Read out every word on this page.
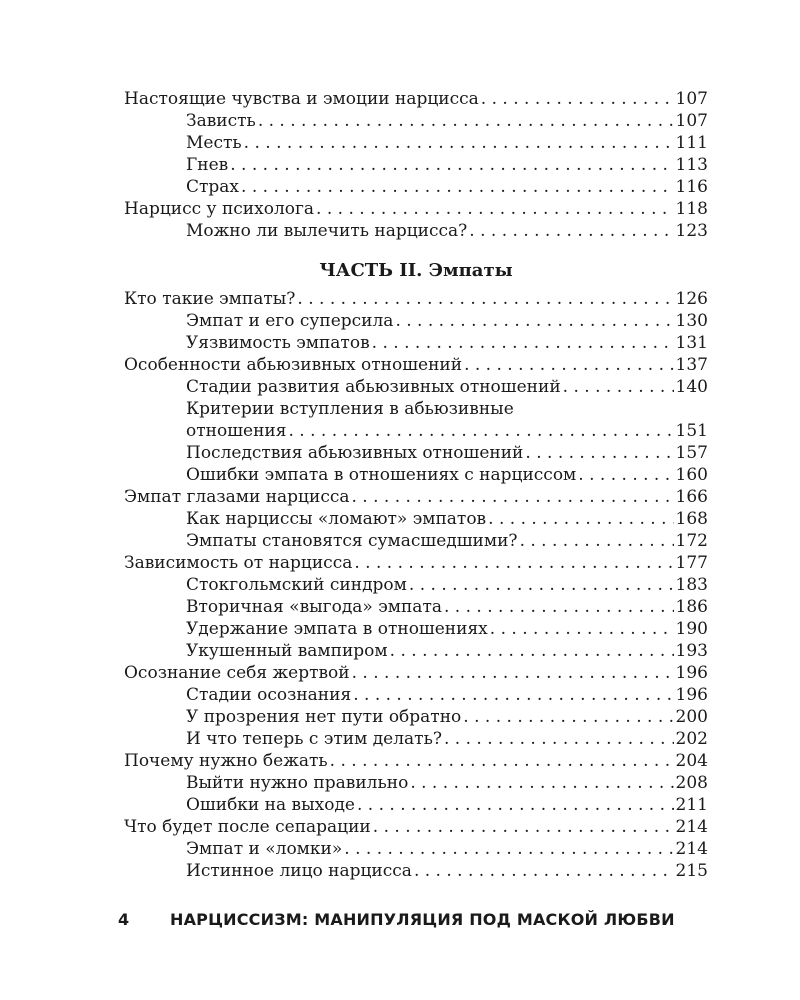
Настоящие чувства и эмоции нарцисса . . .	107
Зависть . . .	107
Месть . . .	111
Гнев . . .	113
Страх . . .	116
Нарцисс у психолога . . .	118
Можно ли вылечить нарцисса? . . .	123
ЧАСТЬ II. Эмпаты
Кто такие эмпаты? . . .	126
Эмпат и его суперсила . . .	130
Уязвимость эмпатов . . .	131
Особенности абьюзивных отношений . . .	137
Стадии развития абьюзивных отношений . . .	140
Критерии вступления в абьюзивные
отношения . . .	151
Последствия абьюзивных отношений . . .	157
Ошибки эмпата в отношениях с нарциссом . . .	160
Эмпат глазами нарцисса . . .	166
Как нарциссы «ломают» эмпатов . . .	168
Эмпаты становятся сумасшедшими? . . .	172
Зависимость от нарцисса . . .	177
Стокгольмский синдром . . .	183
Вторичная «выгода» эмпата . . .	186
Удержание эмпата в отношениях . . .	190
Укушенный вампиром . . .	193
Осознание себя жертвой . . .	196
Стадии осознания . . .	196
У прозрения нет пути обратно . . .	200
И что теперь с этим делать? . . .	202
Почему нужно бежать . . .	204
Выйти нужно правильно . . .	208
Ошибки на выходе . . .	211
Что будет после сепарации . . .	214
Эмпат и «ломки» . . .	214
Истинное лицо нарцисса . . .	215
4	НАРЦИССИЗМ: МАНИПУЛЯЦИЯ ПОД МАСКОЙ ЛЮБВИ
